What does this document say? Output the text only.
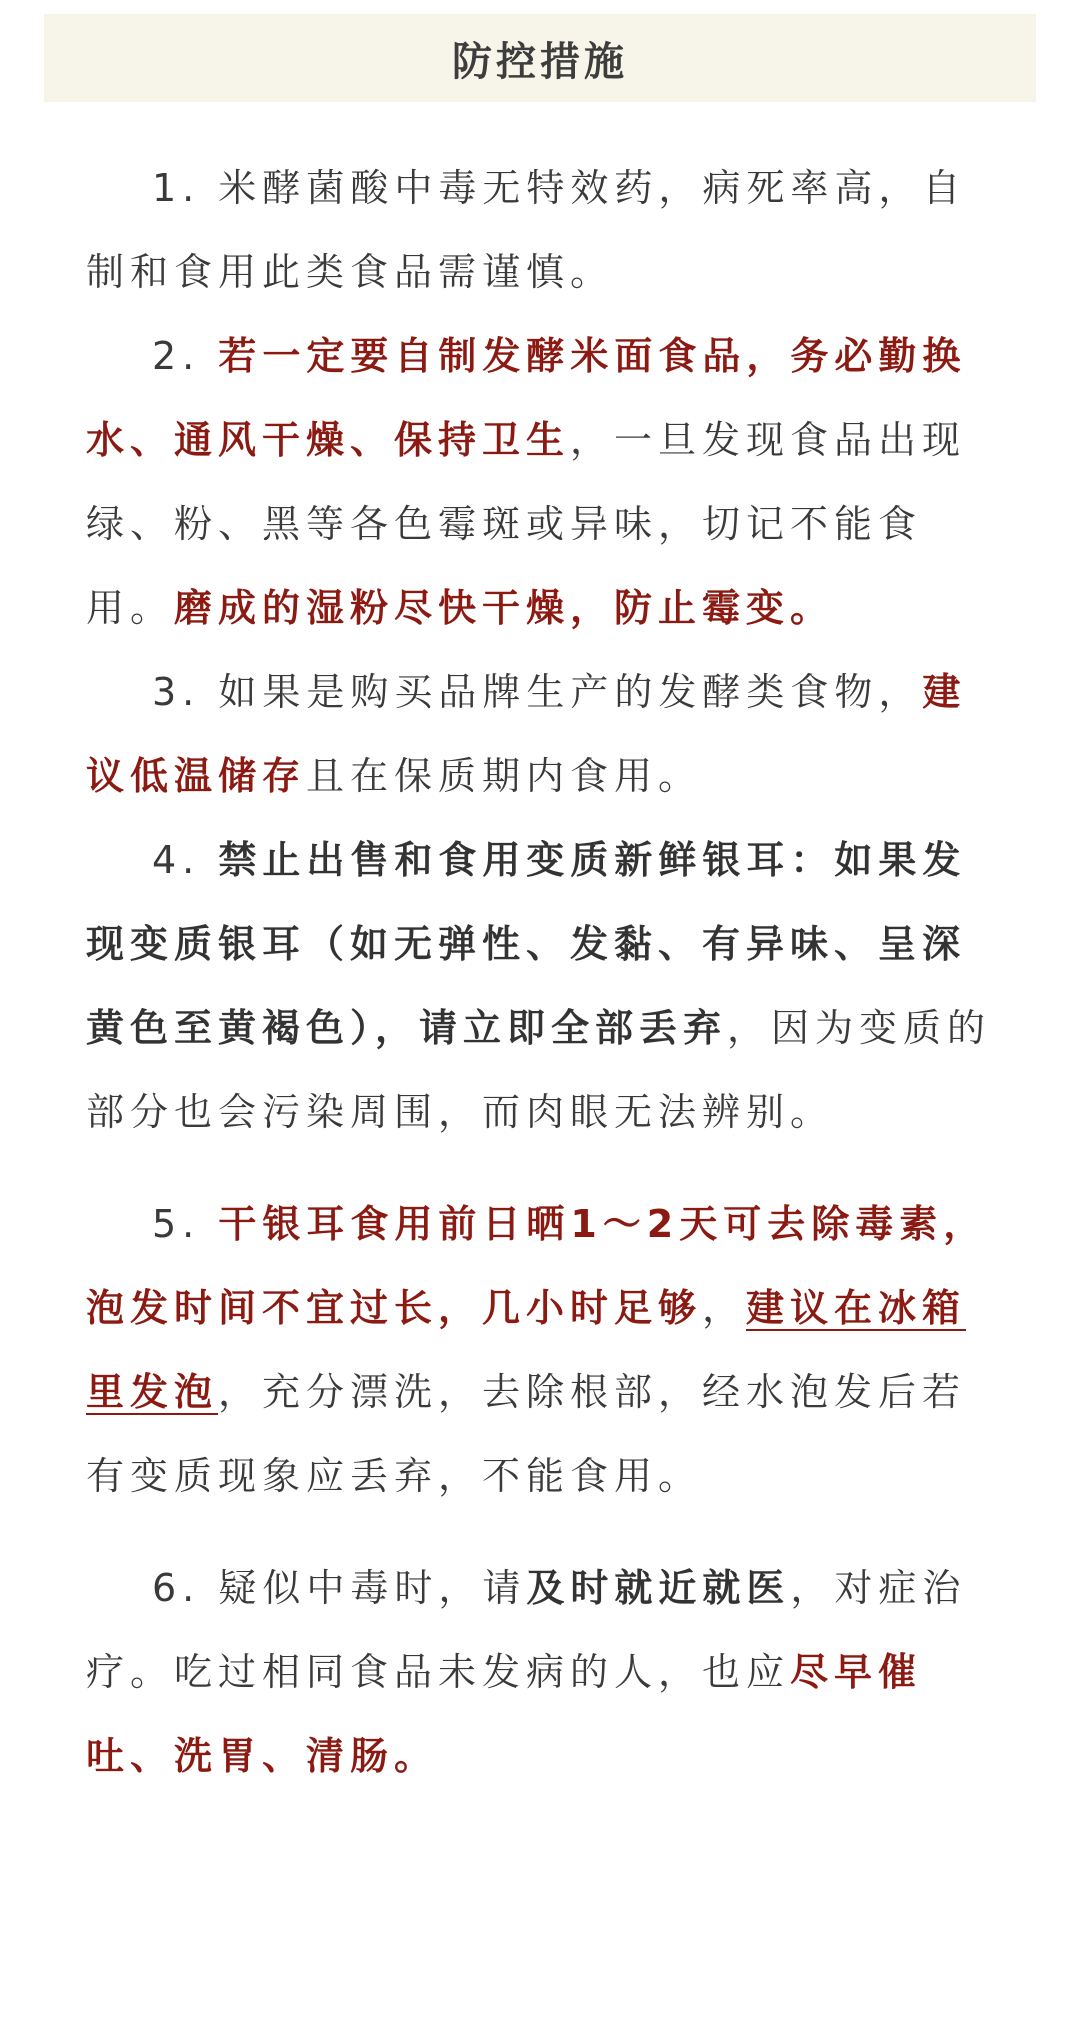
防控措施

1. 米酵菌酸中毒无特效药，病死率高，自制和食用此类食品需谨慎。

2. 若一定要自制发酵米面食品，务必勤换水、通风干燥、保持卫生，一旦发现食品出现绿、粉、黑等各色霉斑或异味，切记不能食用。磨成的湿粉尽快干燥，防止霉变。

3. 如果是购买品牌生产的发酵类食物，建议低温储存且在保质期内食用。

4. 禁止出售和食用变质新鲜银耳：如果发现变质银耳（如无弹性、发黏、有异味、呈深黄色至黄褐色），请立即全部丢弃，因为变质的部分也会污染周围，而肉眼无法辨别。

5. 干银耳食用前日晒1～2天可去除毒素，泡发时间不宜过长，几小时足够，建议在冰箱里发泡，充分漂洗，去除根部，经水泡发后若有变质现象应丢弃，不能食用。

6. 疑似中毒时，请及时就近就医，对症治疗。吃过相同食品未发病的人，也应尽早催吐、洗胃、清肠。
